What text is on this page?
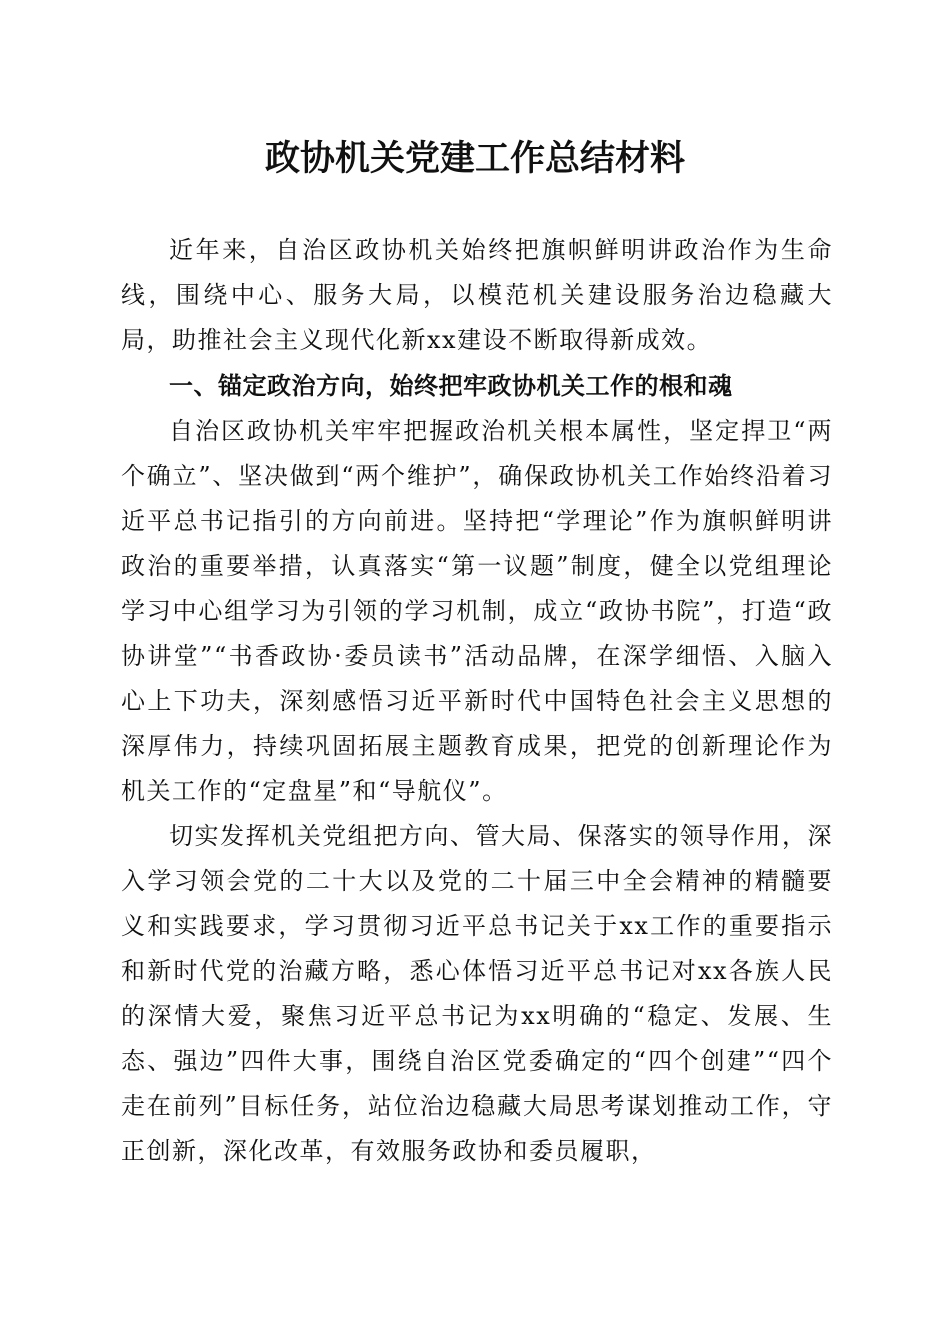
政协机关党建工作总结材料

近年来，自治区政协机关始终把旗帜鲜明讲政治作为生命线，围绕中心、服务大局，以模范机关建设服务治边稳藏大局，助推社会主义现代化新xx建设不断取得新成效。

一、锚定政治方向，始终把牢政协机关工作的根和魂

自治区政协机关牢牢把握政治机关根本属性，坚定捍卫“两个确立”、坚决做到“两个维护”，确保政协机关工作始终沿着习近平总书记指引的方向前进。坚持把“学理论”作为旗帜鲜明讲政治的重要举措，认真落实“第一议题”制度，健全以党组理论学习中心组学习为引领的学习机制，成立“政协书院”，打造“政协讲堂”“书香政协·委员读书”活动品牌，在深学细悟、入脑入心上下功夫，深刻感悟习近平新时代中国特色社会主义思想的深厚伟力，持续巩固拓展主题教育成果，把党的创新理论作为机关工作的“定盘星”和“导航仪”。

切实发挥机关党组把方向、管大局、保落实的领导作用，深入学习领会党的二十大以及党的二十届三中全会精神的精髓要义和实践要求，学习贯彻习近平总书记关于xx工作的重要指示和新时代党的治藏方略，悉心体悟习近平总书记对xx各族人民的深情大爱，聚焦习近平总书记为xx明确的“稳定、发展、生态、强边”四件大事，围绕自治区党委确定的“四个创建”“四个走在前列”目标任务，站位治边稳藏大局思考谋划推动工作，守正创新，深化改革，有效服务政协和委员履职，
